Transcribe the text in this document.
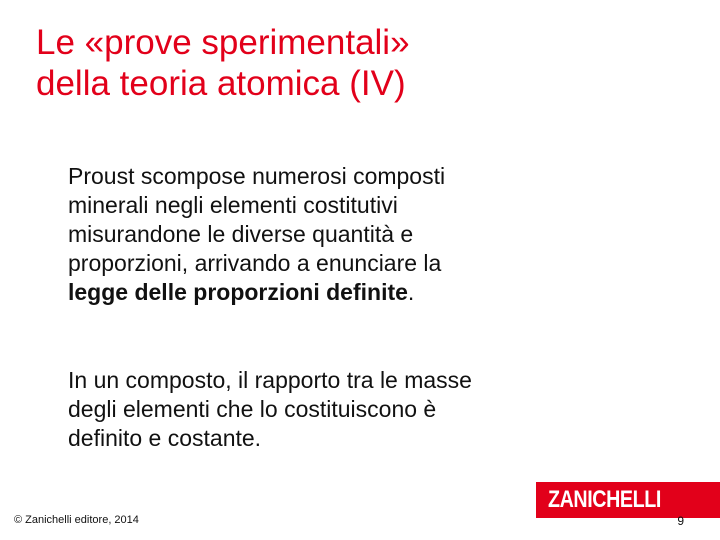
Le «prove sperimentali»
della teoria atomica (IV)

Proust scompose numerosi composti
minerali negli elementi costitutivi
misurandone le diverse quantità e
proporzioni, arrivando a enunciare la
legge delle proporzioni definite.

In un composto, il rapporto tra le masse
degli elementi che lo costituiscono è
definito e costante.

© Zanichelli editore, 2014
ZANICHELLI
9
